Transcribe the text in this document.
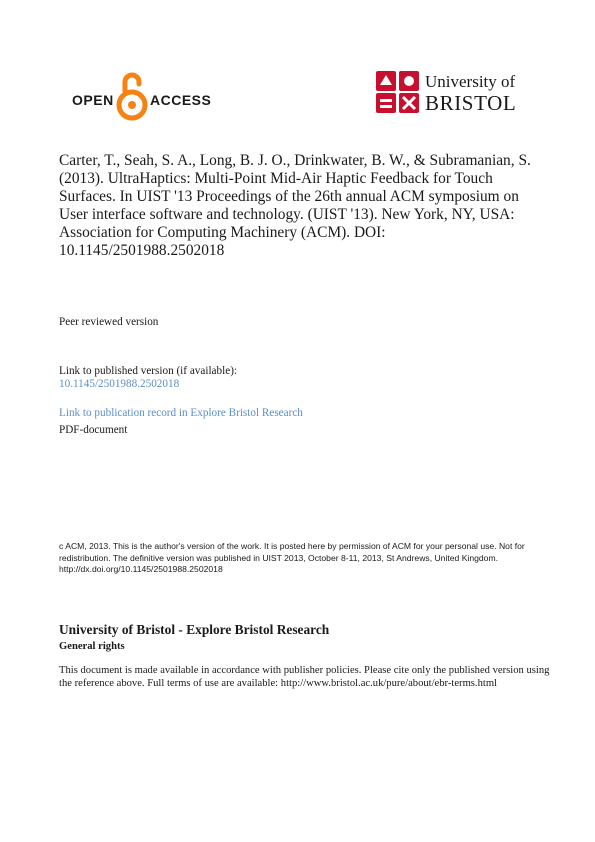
OPEN	ACCESS
University of
BRISTOL
Carter, T., Seah, S. A., Long, B. J. O., Drinkwater, B. W., & Subramanian, S. (2013). UltraHaptics: Multi-Point Mid-Air Haptic Feedback for Touch Surfaces. In UIST '13 Proceedings of the 26th annual ACM symposium on User interface software and technology. (UIST '13). New York, NY, USA: Association for Computing Machinery (ACM). DOI: 10.1145/2501988.2502018
Peer reviewed version
Link to published version (if available):
10.1145/2501988.2502018
Link to publication record in Explore Bristol Research
PDF-document
c ACM, 2013. This is the author's version of the work. It is posted here by permission of ACM for your personal use. Not for redistribution. The definitive version was published in UIST 2013, October 8-11, 2013, St Andrews, United Kingdom. http://dx.doi.org/10.1145/2501988.2502018
University of Bristol - Explore Bristol Research
General rights
This document is made available in accordance with publisher policies. Please cite only the published version using the reference above. Full terms of use are available: http://www.bristol.ac.uk/pure/about/ebr-terms.html
